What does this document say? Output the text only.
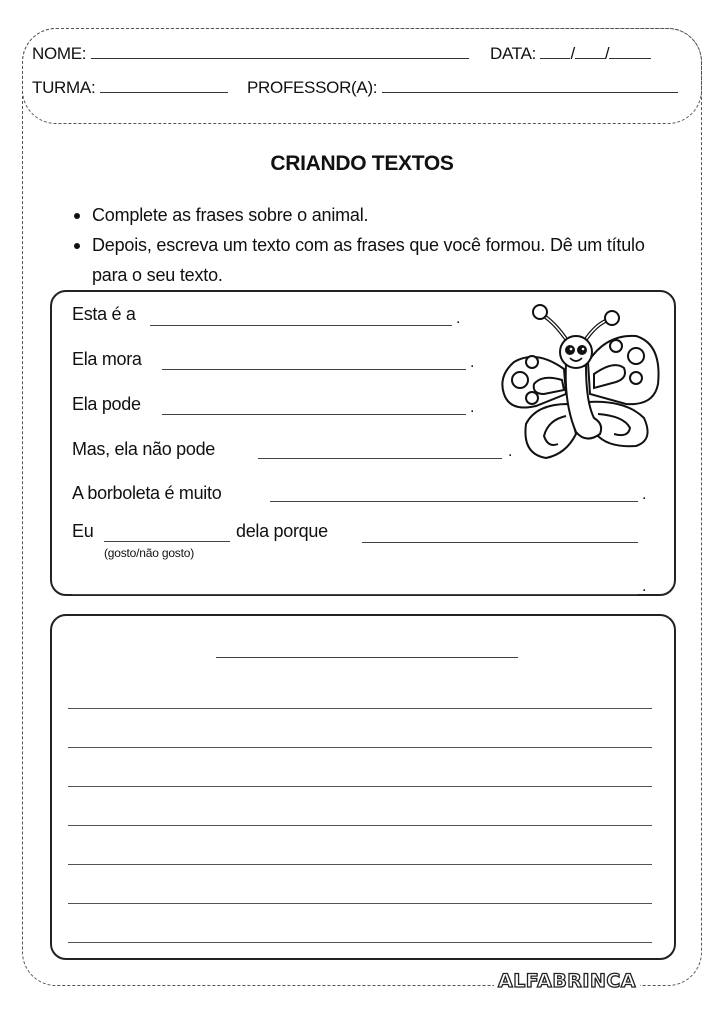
NOME:	DATA: / /
TURMA:	PROFESSOR(A):
CRIANDO TEXTOS
Complete as frases sobre o animal.
Depois, escreva um texto com as frases que você formou. Dê um título para o seu texto.
Esta é a	.
Ela mora	.
Ela pode	.
Mas, ela não pode	.
A borboleta é muito	.
Eu	dela porque
(gosto/não gosto)
.
ALFABRINCA
